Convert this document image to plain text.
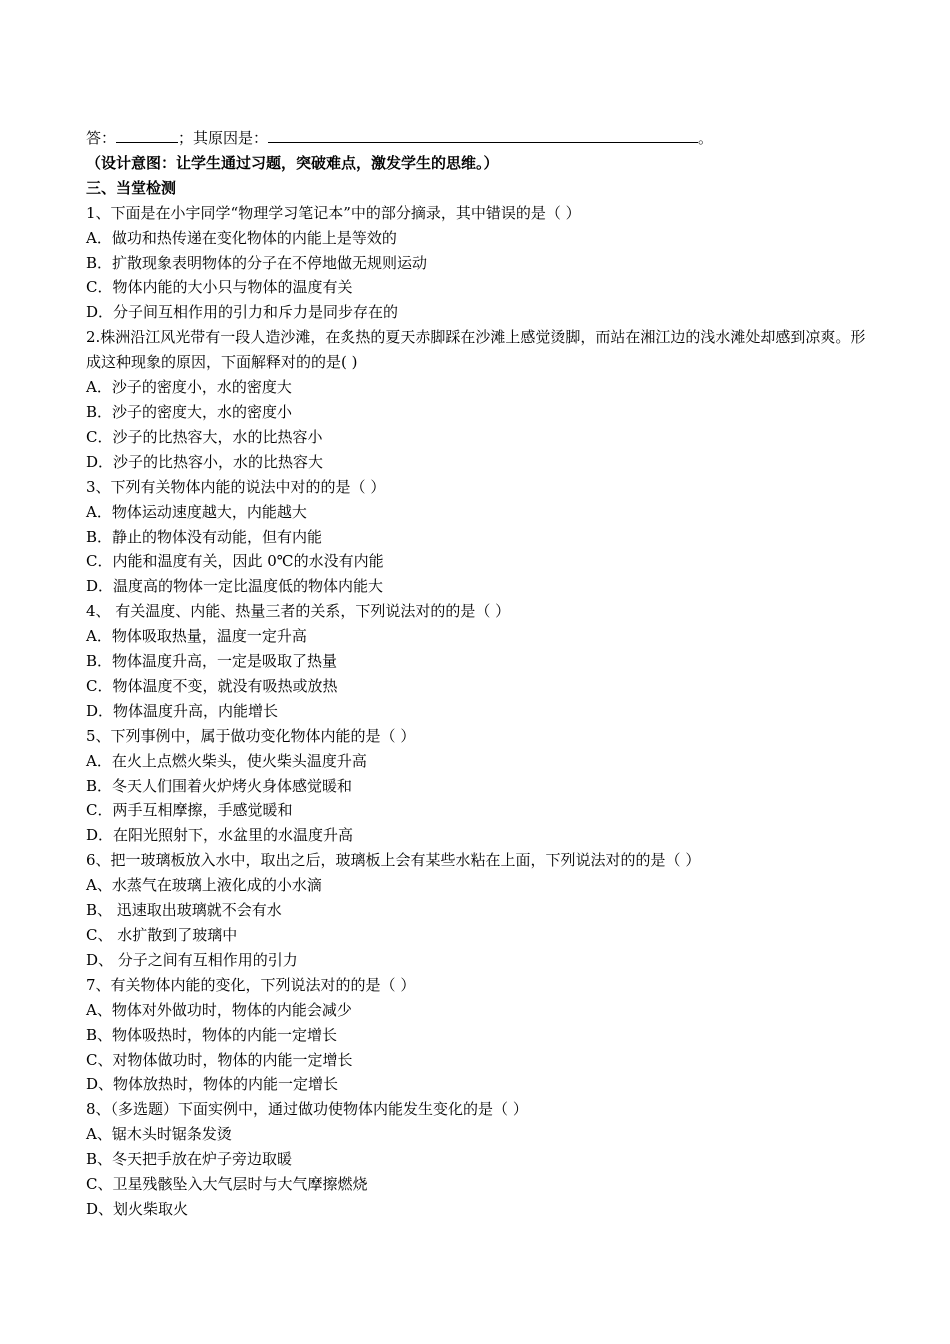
答：	；其原因是：	。
（设计意图：让学生通过习题，突破难点，激发学生的思维。）
三、当堂检测
1、下面是在小宇同学“物理学习笔记本”中的部分摘录，其中错误的是（ ）
A．做功和热传递在变化物体的内能上是等效的
B．扩散现象表明物体的分子在不停地做无规则运动
C．物体内能的大小只与物体的温度有关
D．分子间互相作用的引力和斥力是同步存在的
2.株洲沿江风光带有一段人造沙滩，在炙热的夏天赤脚踩在沙滩上感觉烫脚，而站在湘江边的浅水滩处却感到凉爽。形成这种现象的原因，下面解释对的的是( )
A．沙子的密度小，水的密度大
B．沙子的密度大，水的密度小
C．沙子的比热容大，水的比热容小
D．沙子的比热容小，水的比热容大
3、下列有关物体内能的说法中对的的是（ ）
A．物体运动速度越大，内能越大
B．静止的物体没有动能，但有内能
C．内能和温度有关，因此 0℃的水没有内能
D．温度高的物体一定比温度低的物体内能大
4、 有关温度、内能、热量三者的关系，下列说法对的的是（ ）
A．物体吸取热量，温度一定升高
B．物体温度升高，一定是吸取了热量
C．物体温度不变，就没有吸热或放热
D．物体温度升高，内能增长
5、下列事例中，属于做功变化物体内能的是（ ）
A．在火上点燃火柴头，使火柴头温度升高
B．冬天人们围着火炉烤火身体感觉暖和
C．两手互相摩擦，手感觉暖和
D．在阳光照射下，水盆里的水温度升高
6、把一玻璃板放入水中，取出之后，玻璃板上会有某些水粘在上面，下列说法对的的是（ ）
A、水蒸气在玻璃上液化成的小水滴
B、 迅速取出玻璃就不会有水
C、 水扩散到了玻璃中
D、 分子之间有互相作用的引力
7、有关物体内能的变化，下列说法对的的是（ ）
A、物体对外做功时，物体的内能会减少
B、物体吸热时，物体的内能一定增长
C、对物体做功时，物体的内能一定增长
D、物体放热时，物体的内能一定增长
8、（多选题）下面实例中，通过做功使物体内能发生变化的是（ ）
A、锯木头时锯条发烫
B、冬天把手放在炉子旁边取暖
C、卫星残骸坠入大气层时与大气摩擦燃烧
D、划火柴取火
